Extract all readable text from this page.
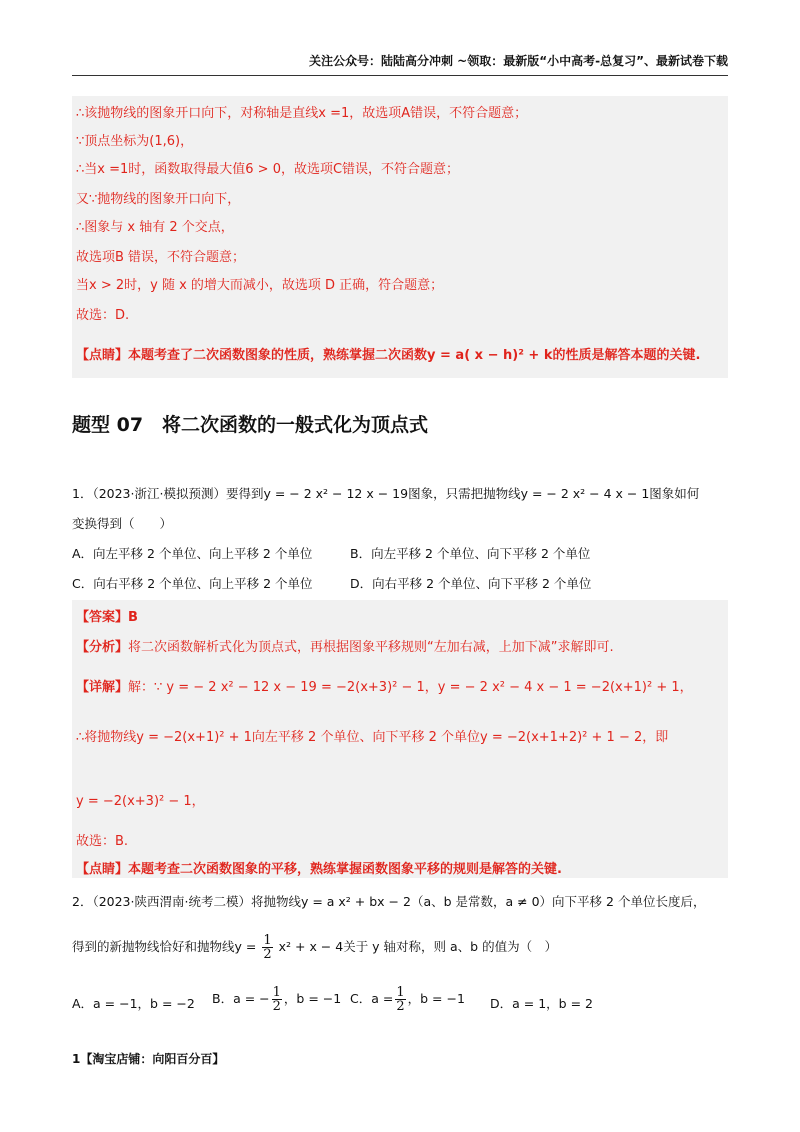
关注公众号：陆陆高分冲刺 ~领取：最新版“小中高考-总复习”、最新试卷下载
∴该抛物线的图象开口向下，对称轴是直线x =1，故选项A错误，不符合题意；
∵顶点坐标为(1,6)，
∴当x =1时，函数取得最大值6 > 0，故选项C错误，不符合题意；
又∵抛物线的图象开口向下，
∴图象与 x 轴有 2 个交点，
故选项B 错误，不符合题意；
当x > 2时，y 随 x 的增大而减小，故选项 D 正确，符合题意；
故选：D.
【点睛】本题考查了二次函数图象的性质，熟练掌握二次函数y = a( x − h)² + k的性质是解答本题的关键.
题型 07　将二次函数的一般式化为顶点式
1．（2023·浙江·模拟预测）要得到y = − 2 x² − 12 x − 19图象，只需把抛物线y = − 2 x² − 4 x − 1图象如何
变换得到（　　）
A．向左平移 2 个单位、向上平移 2 个单位	B．向左平移 2 个单位、向下平移 2 个单位
C．向右平移 2 个单位、向上平移 2 个单位	D．向右平移 2 个单位、向下平移 2 个单位
【答案】B
【分析】将二次函数解析式化为顶点式，再根据图象平移规则“左加右减，上加下减”求解即可.
【详解】解：∵ y = − 2 x² − 12 x − 19 = −2(x+3)² − 1，y = − 2 x² − 4 x − 1 = −2(x+1)² + 1，
∴将抛物线y = −2(x+1)² + 1向左平移 2 个单位、向下平移 2 个单位y = −2(x+1+2)² + 1 − 2，即
y = −2(x+3)² − 1，
故选：B.
【点睛】本题考查二次函数图象的平移，熟练掌握函数图象平移的规则是解答的关键.
2．（2023·陕西渭南·统考二模）将抛物线y = a x² + bx − 2（a、b 是常数，a ≠ 0）向下平移 2 个单位长度后，
得到的新抛物线恰好和抛物线$y = \frac{1}{2} x^2 + x - 4$关于 y 轴对称，则 a、b 的值为（　）
A．a = −1，b = −2 B．a = − $\frac{1}{2}$ ，b = −1 C．$a = \frac{1}{2}$ ，b = −1 D．a = 1，b = 2
1【淘宝店铺：向阳百分百】
